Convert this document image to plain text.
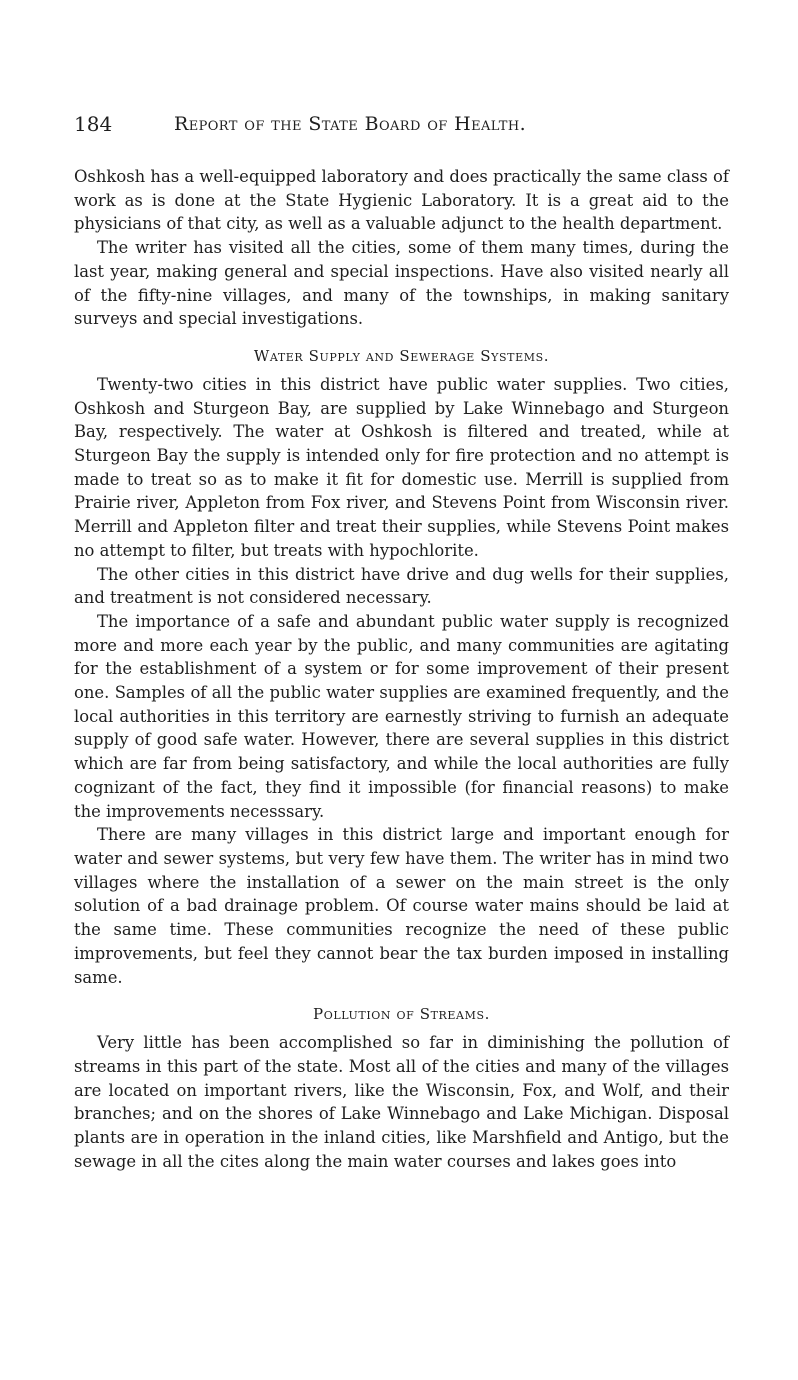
184	Report of the State Board of Health.

Oshkosh has a well-equipped laboratory and does practically the same class of work as is done at the State Hygienic Laboratory. It is a great aid to the physicians of that city, as well as a valuable adjunct to the health department.

The writer has visited all the cities, some of them many times, during the last year, making general and special inspections. Have also visited nearly all of the fifty-nine villages, and many of the townships, in making sanitary surveys and special investigations.

Water Supply and Sewerage Systems.

Twenty-two cities in this district have public water supplies. Two cities, Oshkosh and Sturgeon Bay, are supplied by Lake Winnebago and Sturgeon Bay, respectively. The water at Oshkosh is filtered and treated, while at Sturgeon Bay the supply is intended only for fire protection and no attempt is made to treat so as to make it fit for domestic use. Merrill is supplied from Prairie river, Appleton from Fox river, and Stevens Point from Wisconsin river. Merrill and Appleton filter and treat their supplies, while Stevens Point makes no attempt to filter, but treats with hypochlorite.

The other cities in this district have drive and dug wells for their supplies, and treatment is not considered necessary.

The importance of a safe and abundant public water supply is recognized more and more each year by the public, and many communities are agitating for the establishment of a system or for some improvement of their present one. Samples of all the public water supplies are examined frequently, and the local authorities in this territory are earnestly striving to furnish an adequate supply of good safe water. However, there are several supplies in this district which are far from being satisfactory, and while the local authorities are fully cognizant of the fact, they find it impossible (for financial reasons) to make the improvements necesssary.

There are many villages in this district large and important enough for water and sewer systems, but very few have them. The writer has in mind two villages where the installation of a sewer on the main street is the only solution of a bad drainage problem. Of course water mains should be laid at the same time. These communities recognize the need of these public improvements, but feel they cannot bear the tax burden imposed in installing same.

Pollution of Streams.

Very little has been accomplished so far in diminishing the pollution of streams in this part of the state. Most all of the cities and many of the villages are located on important rivers, like the Wisconsin, Fox, and Wolf, and their branches; and on the shores of Lake Winnebago and Lake Michigan. Disposal plants are in operation in the inland cities, like Marshfield and Antigo, but the sewage in all the cites along the main water courses and lakes goes into
